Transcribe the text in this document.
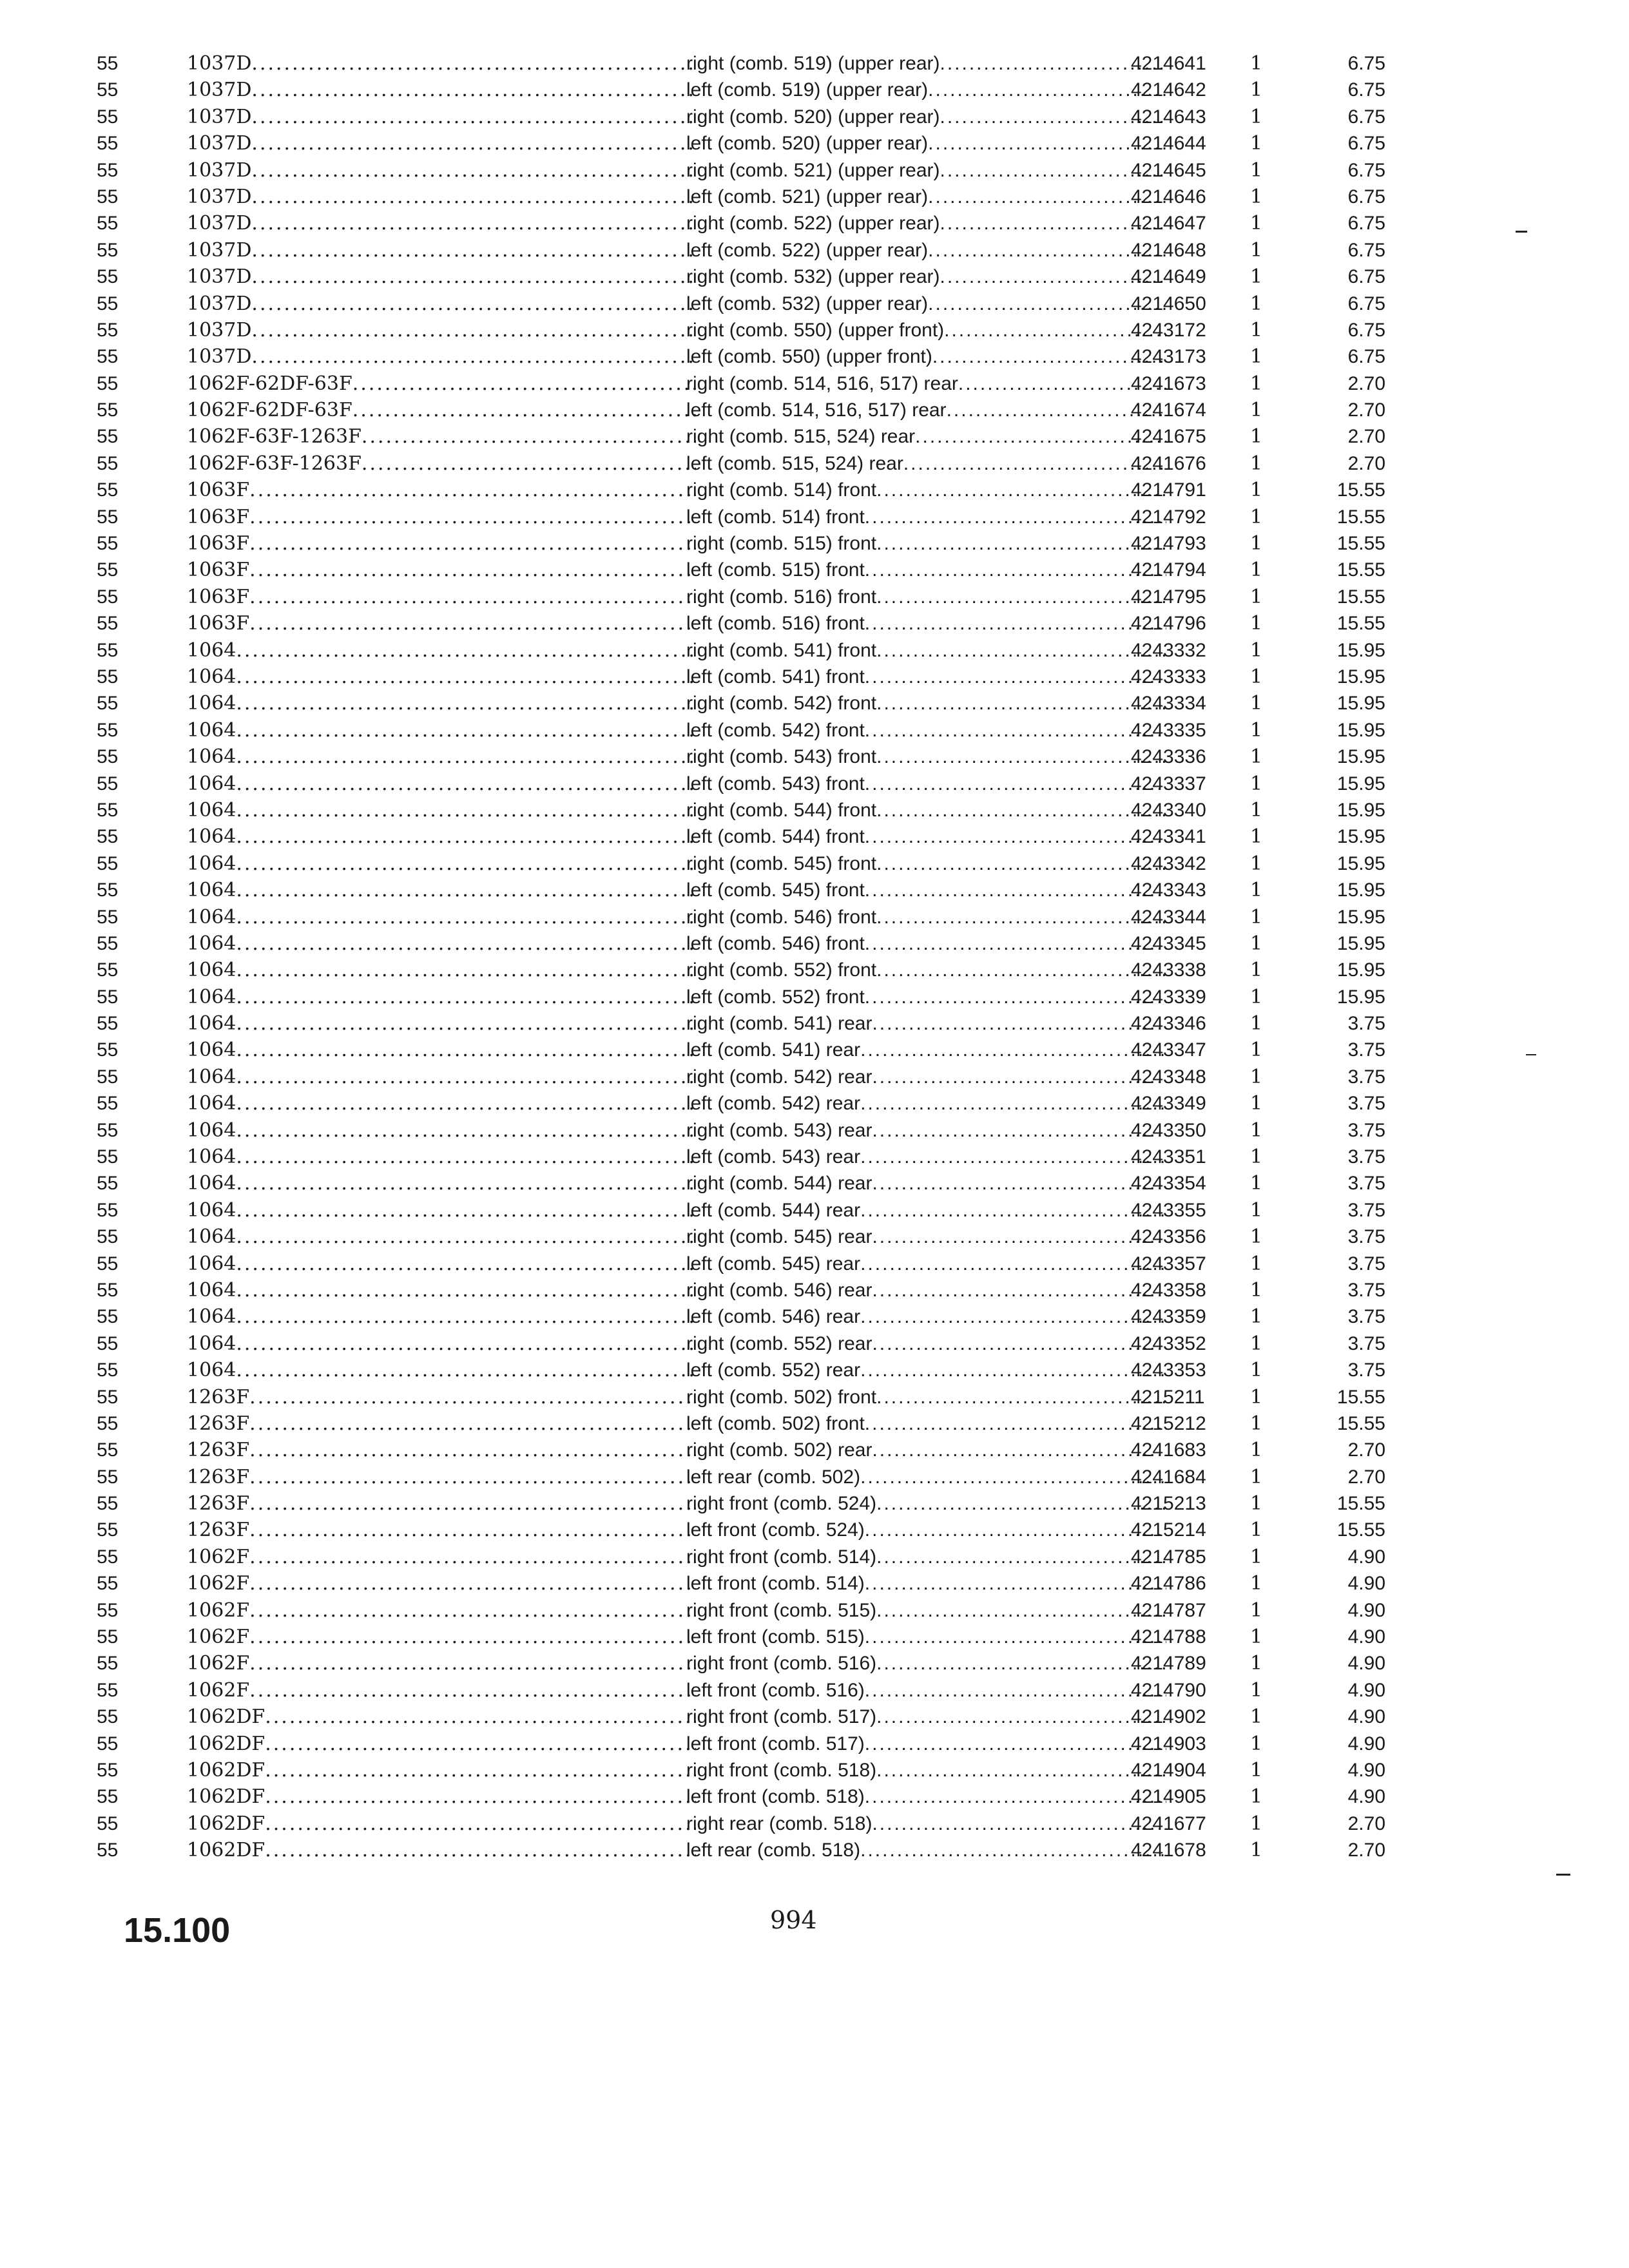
55	1037D .....	right (comb. 519) (upper rear) .....	4214641	1	6.75
55	1037D .....	left (comb. 519) (upper rear) .....	4214642	1	6.75
55	1037D .....	right (comb. 520) (upper rear) .....	4214643	1	6.75
55	1037D .....	left (comb. 520) (upper rear) .....	4214644	1	6.75
55	1037D .....	right (comb. 521) (upper rear) .....	4214645	1	6.75
55	1037D .....	left (comb. 521) (upper rear) .....	4214646	1	6.75
55	1037D .....	right (comb. 522) (upper rear) .....	4214647	1	6.75
55	1037D .....	left (comb. 522) (upper rear) .....	4214648	1	6.75
55	1037D .....	right (comb. 532) (upper rear) .....	4214649	1	6.75
55	1037D .....	left (comb. 532) (upper rear) .....	4214650	1	6.75
55	1037D .....	right (comb. 550) (upper front) .....	4243172	1	6.75
55	1037D .....	left (comb. 550) (upper front) .....	4243173	1	6.75
55	1062F-62DF-63F .....	right (comb. 514, 516, 517) rear .....	4241673	1	2.70
55	1062F-62DF-63F .....	left (comb. 514, 516, 517) rear .....	4241674	1	2.70
55	1062F-63F-1263F .....	right (comb. 515, 524) rear .....	4241675	1	2.70
55	1062F-63F-1263F .....	left (comb. 515, 524) rear .....	4241676	1	2.70
55	1063F .....	right (comb. 514) front .....	4214791	1	15.55
55	1063F .....	left (comb. 514) front .....	4214792	1	15.55
55	1063F .....	right (comb. 515) front .....	4214793	1	15.55
55	1063F .....	left (comb. 515) front .....	4214794	1	15.55
55	1063F .....	right (comb. 516) front .....	4214795	1	15.55
55	1063F .....	left (comb. 516) front .....	4214796	1	15.55
55	1064 .....	right (comb. 541) front .....	4243332	1	15.95
55	1064 .....	left (comb. 541) front .....	4243333	1	15.95
55	1064 .....	right (comb. 542) front .....	4243334	1	15.95
55	1064 .....	left (comb. 542) front .....	4243335	1	15.95
55	1064 .....	right (comb. 543) front .....	4243336	1	15.95
55	1064 .....	left (comb. 543) front .....	4243337	1	15.95
55	1064 .....	right (comb. 544) front .....	4243340	1	15.95
55	1064 .....	left (comb. 544) front .....	4243341	1	15.95
55	1064 .....	right (comb. 545) front .....	4243342	1	15.95
55	1064 .....	left (comb. 545) front .....	4243343	1	15.95
55	1064 .....	right (comb. 546) front .....	4243344	1	15.95
55	1064 .....	left (comb. 546) front .....	4243345	1	15.95
55	1064 .....	right (comb. 552) front .....	4243338	1	15.95
55	1064 .....	left (comb. 552) front .....	4243339	1	15.95
55	1064 .....	right (comb. 541) rear .....	4243346	1	3.75
55	1064 .....	left (comb. 541) rear .....	4243347	1	3.75
55	1064 .....	right (comb. 542) rear .....	4243348	1	3.75
55	1064 .....	left (comb. 542) rear .....	4243349	1	3.75
55	1064 .....	right (comb. 543) rear .....	4243350	1	3.75
55	1064 .....	left (comb. 543) rear .....	4243351	1	3.75
55	1064 .....	right (comb. 544) rear .....	4243354	1	3.75
55	1064 .....	left (comb. 544) rear .....	4243355	1	3.75
55	1064 .....	right (comb. 545) rear .....	4243356	1	3.75
55	1064 .....	left (comb. 545) rear .....	4243357	1	3.75
55	1064 .....	right (comb. 546) rear .....	4243358	1	3.75
55	1064 .....	left (comb. 546) rear .....	4243359	1	3.75
55	1064 .....	right (comb. 552) rear .....	4243352	1	3.75
55	1064 .....	left (comb. 552) rear .....	4243353	1	3.75
55	1263F .....	right (comb. 502) front .....	4215211	1	15.55
55	1263F .....	left (comb. 502) front .....	4215212	1	15.55
55	1263F .....	right (comb. 502) rear .....	4241683	1	2.70
55	1263F .....	left rear (comb. 502) .....	4241684	1	2.70
55	1263F .....	right front (comb. 524) .....	4215213	1	15.55
55	1263F .....	left front (comb. 524) .....	4215214	1	15.55
55	1062F .....	right front (comb. 514) .....	4214785	1	4.90
55	1062F .....	left front (comb. 514) .....	4214786	1	4.90
55	1062F .....	right front (comb. 515) .....	4214787	1	4.90
55	1062F .....	left front (comb. 515) .....	4214788	1	4.90
55	1062F .....	right front (comb. 516) .....	4214789	1	4.90
55	1062F .....	left front (comb. 516) .....	4214790	1	4.90
55	1062DF .....	right front (comb. 517) .....	4214902	1	4.90
55	1062DF .....	left front (comb. 517) .....	4214903	1	4.90
55	1062DF .....	right front (comb. 518) .....	4214904	1	4.90
55	1062DF .....	left front (comb. 518) .....	4214905	1	4.90
55	1062DF .....	right rear (comb. 518) .....	4241677	1	2.70
55	1062DF .....	left rear (comb. 518) .....	4241678	1	2.70
15.100	994
